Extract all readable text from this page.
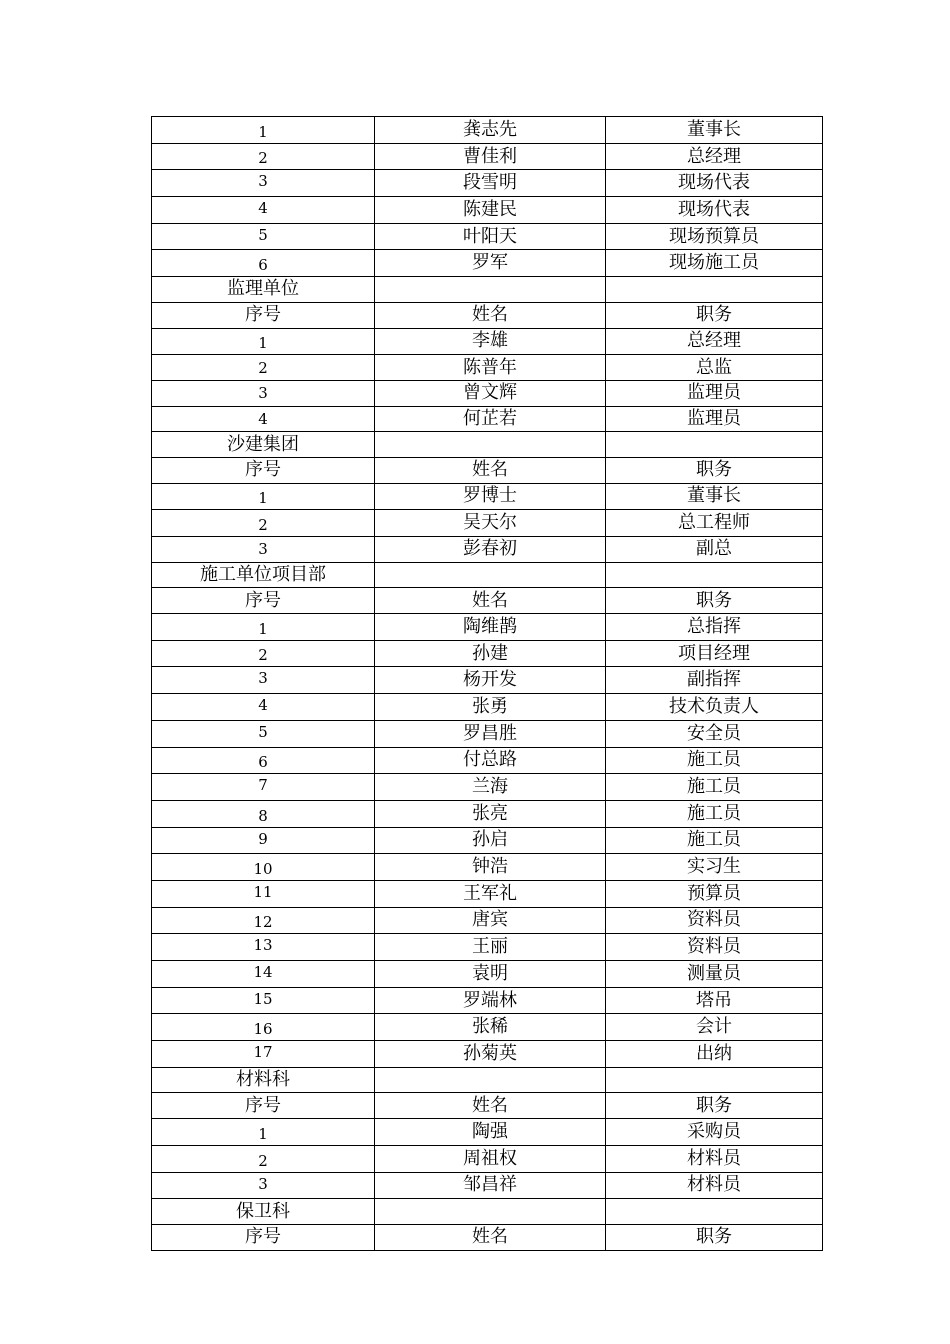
1	龚志先	董事长
2	曹佳利	总经理
3	段雪明	现场代表
4	陈建民	现场代表
5	叶阳天	现场预算员
6	罗军	现场施工员
监理单位		
序号	姓名	职务
1	李雄	总经理
2	陈普年	总监
3	曾文辉	监理员
4	何芷若	监理员
沙建集团		
序号	姓名	职务
1	罗博士	董事长
2	吴天尔	总工程师
3	彭春初	副总
施工单位项目部		
序号	姓名	职务
1	陶维鹊	总指挥
2	孙建	项目经理
3	杨开发	副指挥
4	张勇	技术负责人
5	罗昌胜	安全员
6	付总路	施工员
7	兰海	施工员
8	张亮	施工员
9	孙启	施工员
10	钟浩	实习生
11	王军礼	预算员
12	唐宾	资料员
13	王丽	资料员
14	袁明	测量员
15	罗端林	塔吊
16	张稀	会计
17	孙菊英	出纳
材料科		
序号	姓名	职务
1	陶强	采购员
2	周祖权	材料员
3	邹昌祥	材料员
保卫科		
序号	姓名	职务
